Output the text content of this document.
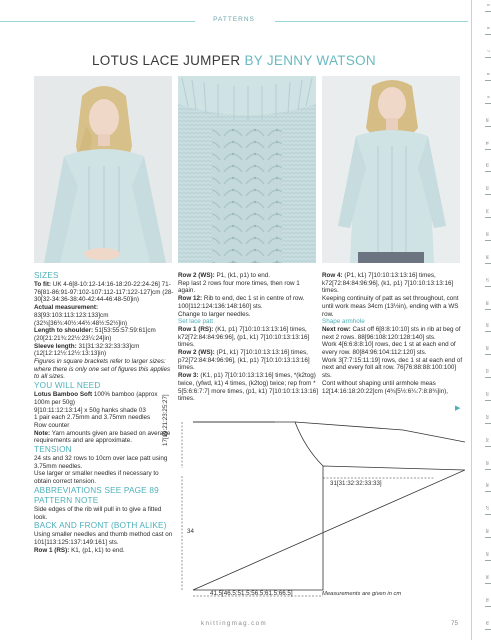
PATTERNS
LOTUS LACE JUMPER BY JENNY WATSON

SIZES

To fit: UK 4-6[8-10:12-14:16-18:20-22:24-26] 71-76[81-86:91-97:102-107:112-117:122-127]cm (28-30[32-34:36-38:40-42:44-46:48-50]in)

Actual measurement: 83[93:103:113:123:133]cm (32¾[36¾:40½:44½:48½:52½]in)

Length to shoulder: 51[53:55:57:59:61]cm (20[21:21¾:22½:23¼:24]in)

Sleeve length: 31[31:32:32:33:33]cm (12[12:12½:12½:13:13]in)

Figures in square brackets refer to larger sizes: where there is only one set of figures this applies to all sizes.

YOU WILL NEED

Lotus Bamboo Soft 100% bamboo (approx 100m per 50g)

9[10:11:12:13:14] x 50g hanks shade 03

1 pair each 2.75mm and 3.75mm needles

Row counter

Note: Yarn amounts given are based on average requirements and are approximate.

TENSION

24 sts and 32 rows to 10cm over lace patt using 3.75mm needles.

Use larger or smaller needles if necessary to obtain correct tension.

ABBREVIATIONS SEE PAGE 89

PATTERN NOTE

Side edges of the rib will pull in to give a fitted look.

BACK AND FRONT (BOTH ALIKE)

Using smaller needles and thumb method cast on 101[113:125:137:149:161] sts.

Row 1 (RS): K1, (p1, k1) to end.

Row 2 (WS): P1, (k1, p1) to end.

Rep last 2 rows four more times, then row 1 again.

Row 12: Rib to end, dec 1 st in centre of row. 100[112:124:136:148:160] sts.

Change to larger needles.

Set lace patt

Row 1 (RS): (K1, p1) 7[10:10:13:13:16] times, k72[72:84:84:96:96], (p1, k1) 7[10:10:13:13:16] times.

Row 2 (WS): (P1, k1) 7[10:10:13:13:16] times, p72[72:84:84:96:96], (k1, p1) 7[10:10:13:13:16] times.

Row 3: (K1, p1) 7[10:10:13:13:16] times, *(k2tog) twice, (yfwd, k1) 4 times, (k2tog) twice; rep from * 5[5:6:6:7:7] more times, (p1, k1) 7[10:10:13:13:16] times.

Row 4: (P1, k1) 7[10:10:13:13:16] times, k72[72:84:84:96:96], (k1, p1) 7[10:10:13:13:16] times.

Keeping continuity of patt as set throughout, cont until work meas 34cm (13½in), ending with a WS row.

Shape armhole

Next row: Cast off 6[8:8:10:10] sts in rib at beg of next 2 rows. 88[96:108:120:128:140] sts.

Work 4[6:6:8:8:10] rows, dec 1 st at each end of every row. 80[84:96:104:112:120] sts.

Work 3[7:7:15:11:19] rows, dec 1 st at each end of next and every foll alt row. 76[76:88:88:100:100] sts.

Cont without shaping until armhole meas 12[14:16:18:20:22]cm (4¾[5½:6¼:7:8:8¾]in),

▶
17[19:21:23:25:27]
34
31[31:32:32:33:33]
41.5[46.5:51.5:56.5:61.5:66.5]	Measurements are given in cm
knittingmag.com	75
5
6
7
8
9
10
11
12
13
14
15
16
17
18
19
20
21
22
23
24
25
26
27
28
29
30
31
32
